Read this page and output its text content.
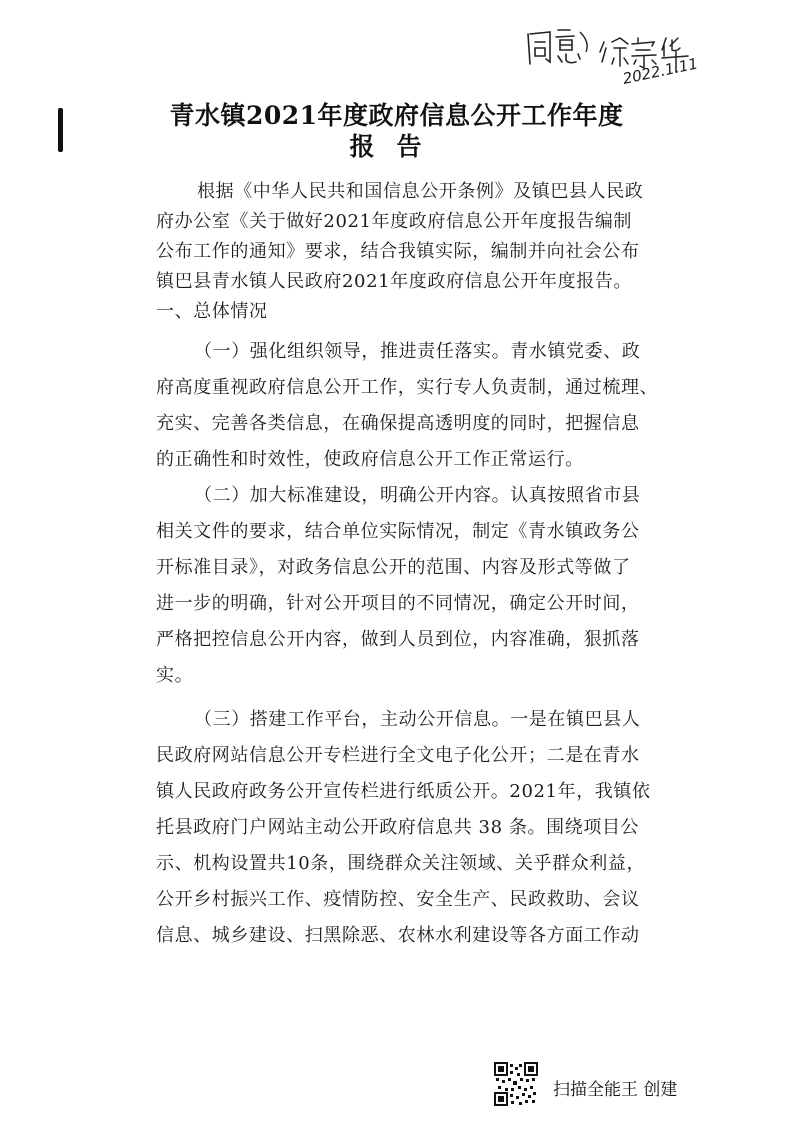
2022.1.11
青水镇2021年度政府信息公开工作年度
报告
根据《中华人民共和国信息公开条例》及镇巴县人民政
府办公室《关于做好2021年度政府信息公开年度报告编制
公布工作的通知》要求，结合我镇实际，编制并向社会公布
镇巴县青水镇人民政府2021年度政府信息公开年度报告。
一、总体情况
（一）强化组织领导，推进责任落实。青水镇党委、政
府高度重视政府信息公开工作，实行专人负责制，通过梳理、
充实、完善各类信息，在确保提高透明度的同时，把握信息
的正确性和时效性，使政府信息公开工作正常运行。
（二）加大标准建设，明确公开内容。认真按照省市县
相关文件的要求，结合单位实际情况，制定《青水镇政务公
开标准目录》，对政务信息公开的范围、内容及形式等做了
进一步的明确，针对公开项目的不同情况，确定公开时间，
严格把控信息公开内容，做到人员到位，内容准确，狠抓落
实。
（三）搭建工作平台，主动公开信息。一是在镇巴县人
民政府网站信息公开专栏进行全文电子化公开；二是在青水
镇人民政府政务公开宣传栏进行纸质公开。2021年，我镇依
托县政府门户网站主动公开政府信息共 38 条。围绕项目公
示、机构设置共10条，围绕群众关注领域、关乎群众利益，
公开乡村振兴工作、疫情防控、安全生产、民政救助、会议
信息、城乡建设、扫黑除恶、农林水利建设等各方面工作动
扫描全能王 创建
